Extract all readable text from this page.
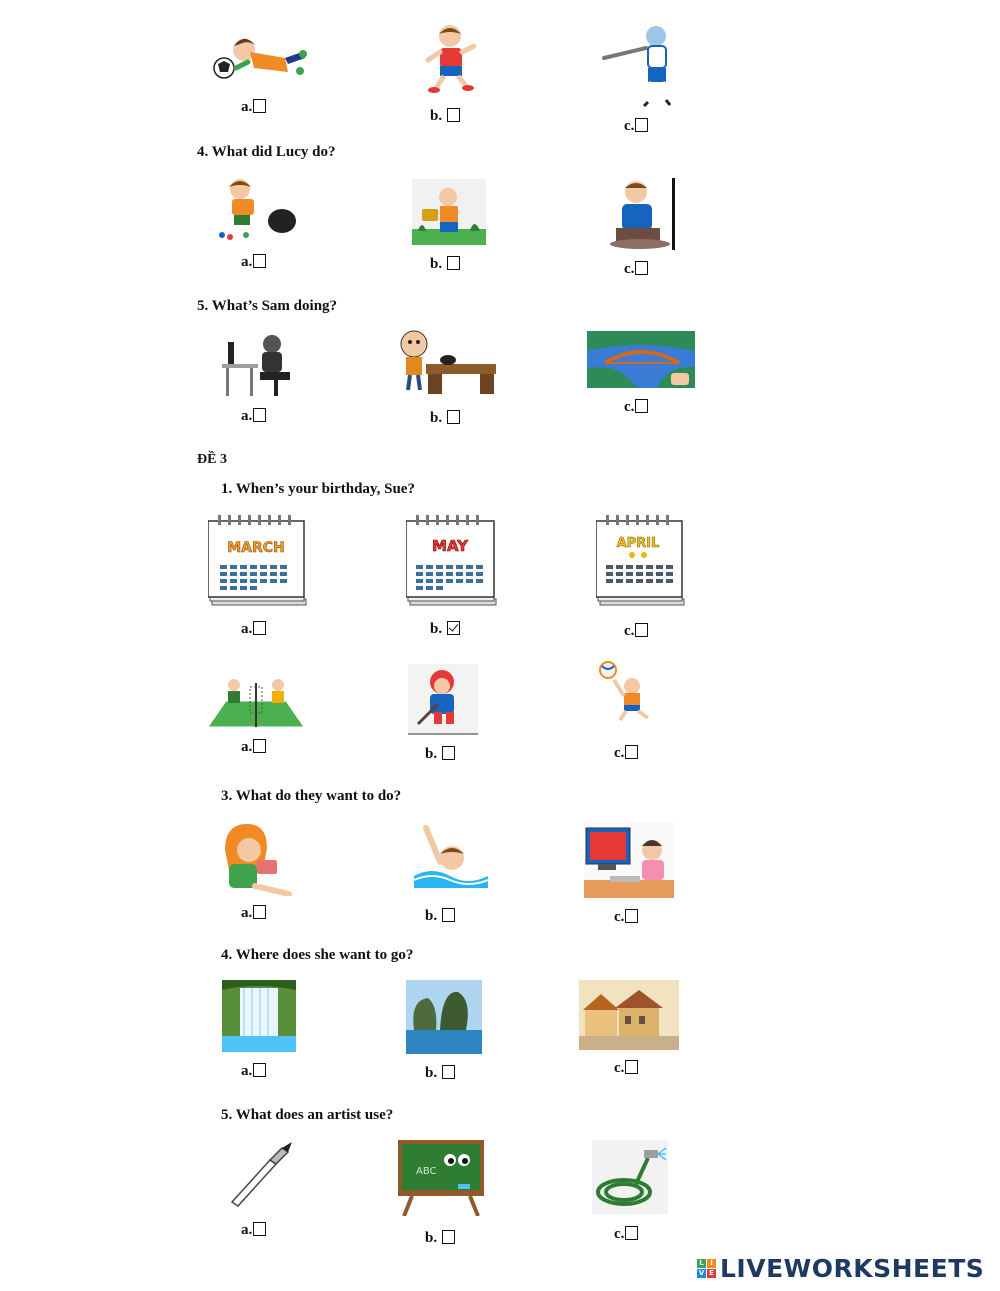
a.
b.
c.
4. What did Lucy do?
a.	b.	c.
5. What’s Sam doing?
a.	b.
c.
ĐỀ 3
1. When’s your birthday, Sue?
MARCH	MAY	APRIL
a.	b.	c.
a.	b.	c.
3. What do they want to do?
a.	b.	c.
4. Where does she want to go?
a.	b.	c.
5. What does an artist use?
ABC
a.	b.	c.
L I
V E LIVEWORKSHEETS
